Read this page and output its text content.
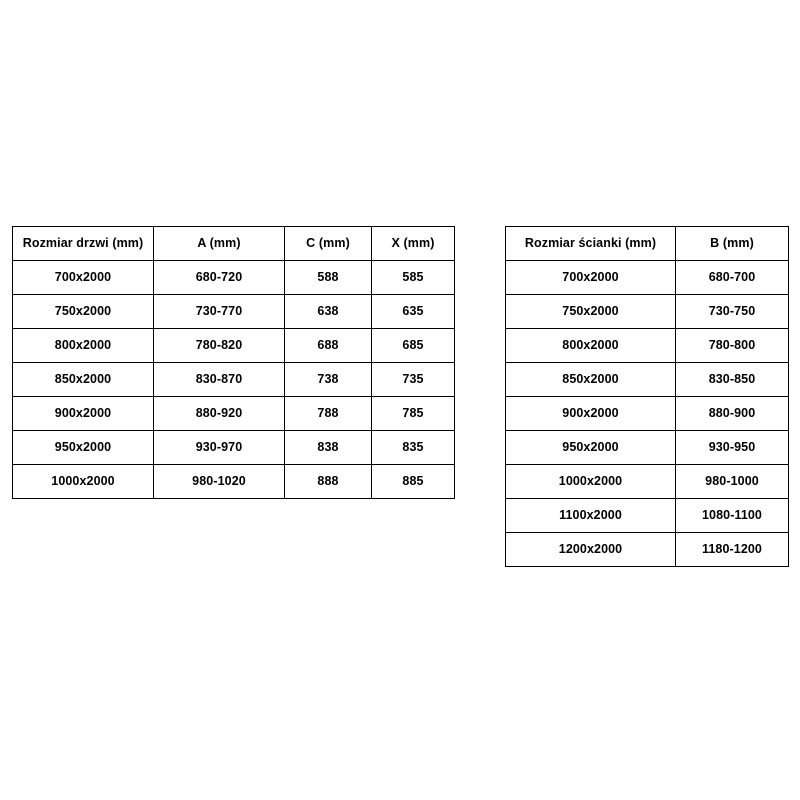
Rozmiar drzwi (mm)	A (mm)	C (mm)	X (mm)
700x2000	680-720	588	585
750x2000	730-770	638	635
800x2000	780-820	688	685
850x2000	830-870	738	735
900x2000	880-920	788	785
950x2000	930-970	838	835
1000x2000	980-1020	888	885
Rozmiar ścianki (mm)	B (mm)
700x2000	680-700
750x2000	730-750
800x2000	780-800
850x2000	830-850
900x2000	880-900
950x2000	930-950
1000x2000	980-1000
1100x2000	1080-1100
1200x2000	1180-1200
